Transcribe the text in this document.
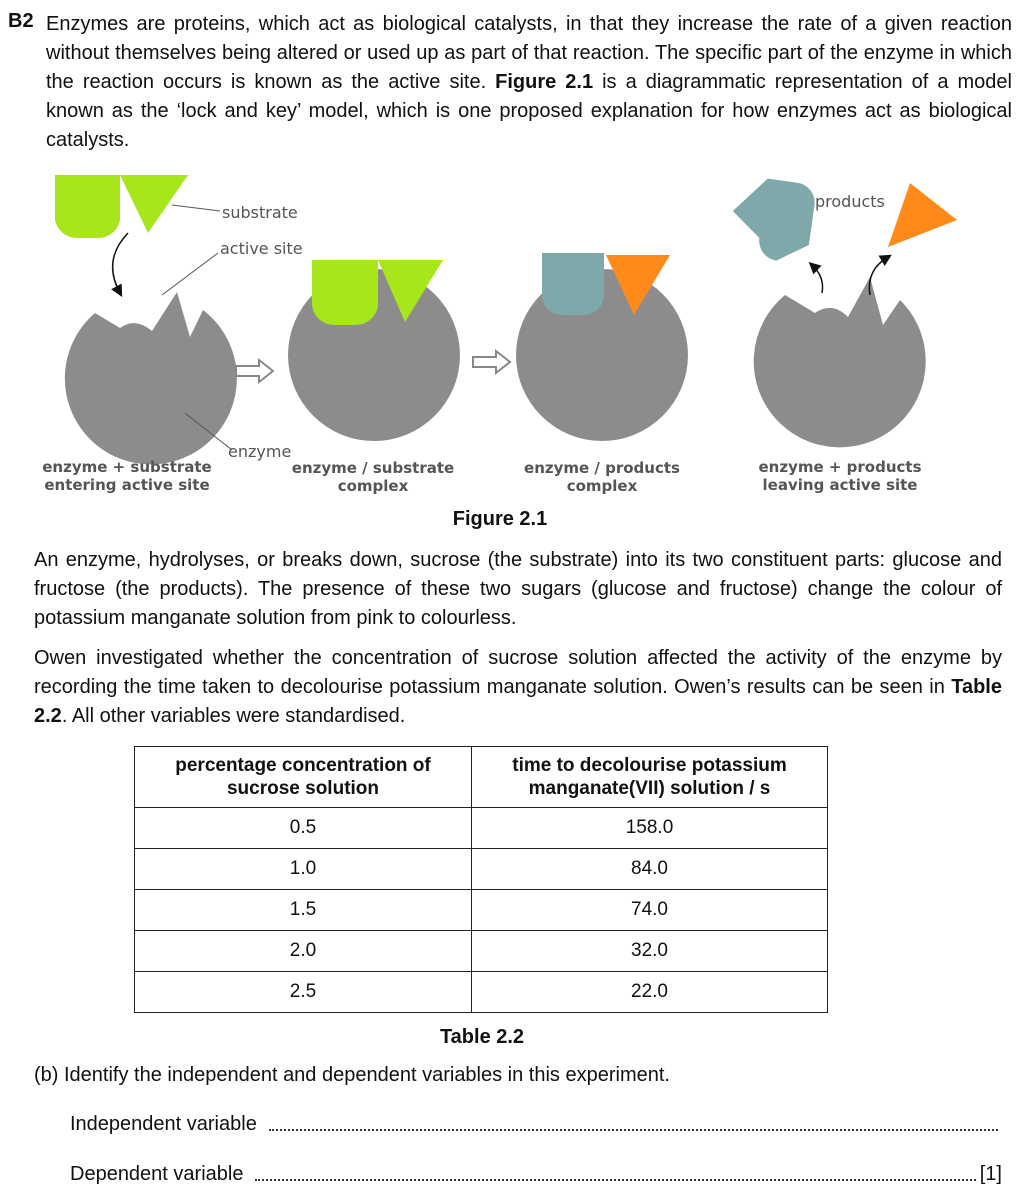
B2 Enzymes are proteins, which act as biological catalysts, in that they increase the rate of a given reaction without themselves being altered or used up as part of that reaction. The specific part of the enzyme in which the reaction occurs is known as the active site. Figure 2.1 is a diagrammatic representation of a model known as the ‘lock and key’ model, which is one proposed explanation for how enzymes act as biological catalysts.
substrate
active site
enzyme
products
enzyme + substrate
entering active site
enzyme / substrate
complex
enzyme / products
complex
enzyme + products
leaving active site
Figure 2.1
An enzyme, hydrolyses, or breaks down, sucrose (the substrate) into its two constituent parts: glucose and fructose (the products). The presence of these two sugars (glucose and fructose) change the colour of potassium manganate solution from pink to colourless.
Owen investigated whether the concentration of sucrose solution affected the activity of the enzyme by recording the time taken to decolourise potassium manganate solution. Owen’s results can be seen in Table 2.2. All other variables were standardised.
percentage concentration of sucrose solution	time to decolourise potassium manganate(VII) solution / s
0.5	158.0
1.0	84.0
1.5	74.0
2.0	32.0
2.5	22.0
Table 2.2
(b) Identify the independent and dependent variables in this experiment.
Independent variable
Dependent variable	[1]
